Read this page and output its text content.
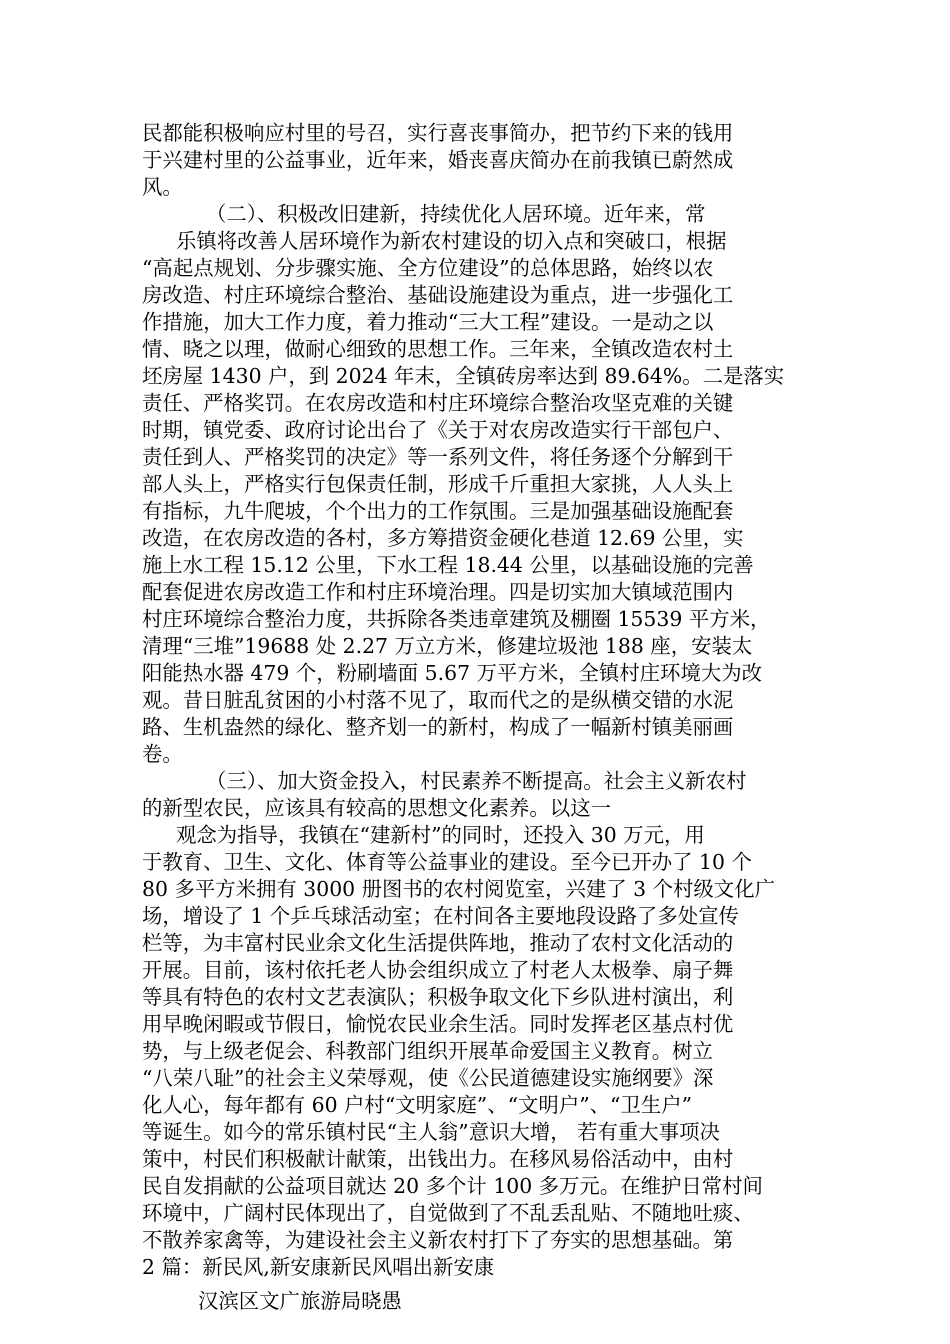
民都能积极响应村里的号召，实行喜丧事简办，把节约下来的钱用

于兴建村里的公益事业，近年来，婚丧喜庆简办在前我镇已蔚然成

风。

（二）、积极改旧建新，持续优化人居环境。近年来，常

乐镇将改善人居环境作为新农村建设的切入点和突破口，根据

“高起点规划、分步骤实施、全方位建设”的总体思路，始终以农

房改造、村庄环境综合整治、基础设施建设为重点，进一步强化工

作措施，加大工作力度，着力推动“三大工程”建设。一是动之以

情、晓之以理，做耐心细致的思想工作。三年来，全镇改造农村土

坯房屋 1430 户，到 2024 年末，全镇砖房率达到 89.64%。二是落实

责任、严格奖罚。在农房改造和村庄环境综合整治攻坚克难的关键

时期，镇党委、政府讨论出台了《关于对农房改造实行干部包户、

责任到人、严格奖罚的决定》等一系列文件，将任务逐个分解到干

部人头上，严格实行包保责任制，形成千斤重担大家挑，人人头上

有指标，九牛爬坡，个个出力的工作氛围。三是加强基础设施配套

改造，在农房改造的各村，多方筹措资金硬化巷道 12.69 公里，实

施上水工程 15.12 公里，下水工程 18.44 公里，以基础设施的完善

配套促进农房改造工作和村庄环境治理。四是切实加大镇域范围内

村庄环境综合整治力度，共拆除各类违章建筑及棚圈 15539 平方米，

清理“三堆”19688 处 2.27 万立方米，修建垃圾池 188 座，安装太

阳能热水器 479 个，粉刷墙面 5.67 万平方米，全镇村庄环境大为改

观。昔日脏乱贫困的小村落不见了，取而代之的是纵横交错的水泥

路、生机盎然的绿化、整齐划一的新村，构成了一幅新村镇美丽画

卷。

（三）、加大资金投入，村民素养不断提高。社会主义新农村

的新型农民，应该具有较高的思想文化素养。以这一

观念为指导，我镇在“建新村”的同时，还投入 30 万元，用

于教育、卫生、文化、体育等公益事业的建设。至今已开办了 10 个

80 多平方米拥有 3000 册图书的农村阅览室，兴建了 3 个村级文化广

场，增设了 1 个乒乓球活动室；在村间各主要地段设路了多处宣传

栏等，为丰富村民业余文化生活提供阵地，推动了农村文化活动的

开展。目前，该村依托老人协会组织成立了村老人太极拳、扇子舞

等具有特色的农村文艺表演队；积极争取文化下乡队进村演出，利

用早晚闲暇或节假日，愉悦农民业余生活。同时发挥老区基点村优

势，与上级老促会、科教部门组织开展革命爱国主义教育。树立

“八荣八耻”的社会主义荣辱观，使《公民道德建设实施纲要》深

化人心，每年都有 60 户村“文明家庭”、“文明户”、“卫生户”

等诞生。如今的常乐镇村民“主人翁”意识大增， 若有重大事项决

策中，村民们积极献计献策，出钱出力。在移风易俗活动中，由村

民自发捐献的公益项目就达 20 多个计 100 多万元。在维护日常村间

环境中，广阔村民体现出了，自觉做到了不乱丢乱贴、不随地吐痰、

不散养家禽等，为建设社会主义新农村打下了夯实的思想基础。第

2 篇：新民风,新安康新民风唱出新安康

汉滨区文广旅游局晓愚
